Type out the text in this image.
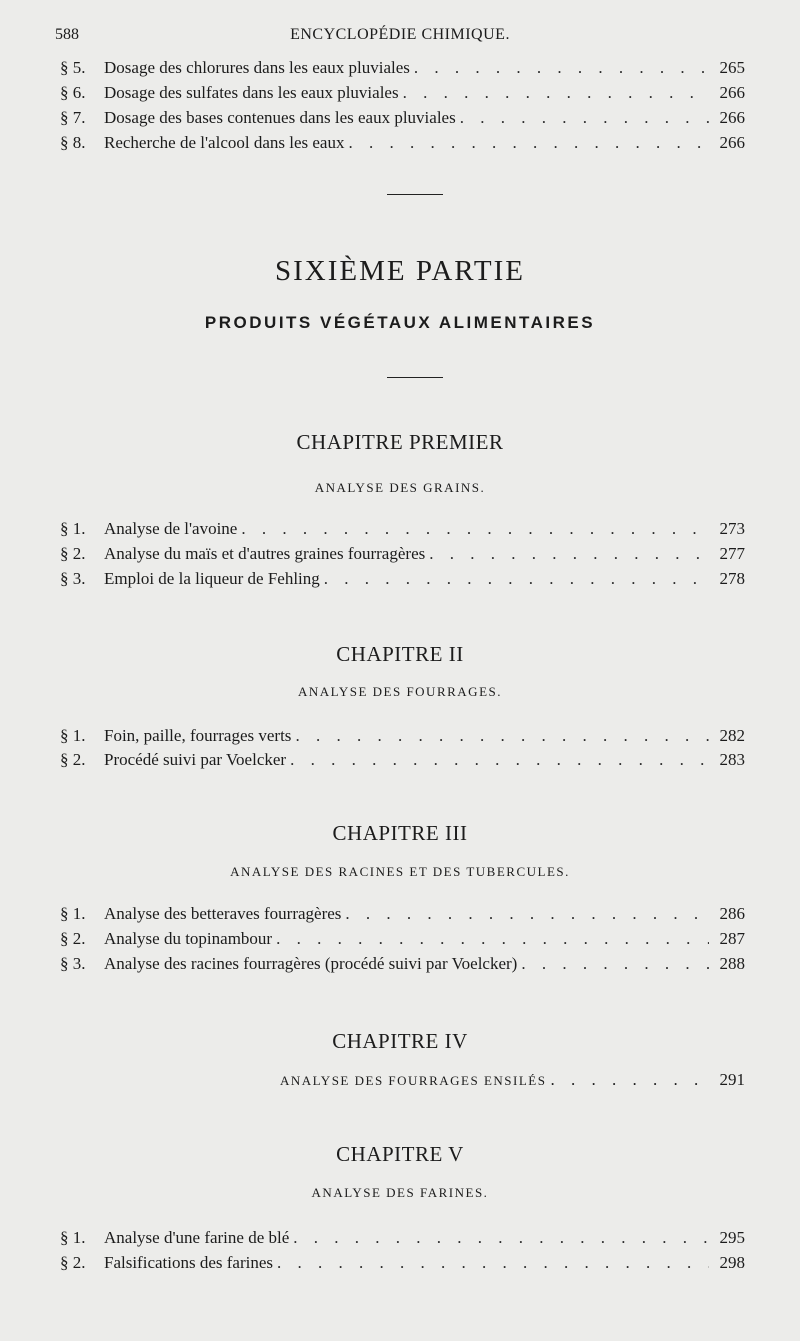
588	ENCYCLOPÉDIE CHIMIQUE.
§ 5.	Dosage des chlorures dans les eaux pluviales . . .	265
§ 6.	Dosage des sulfates dans les eaux pluviales . . .	266
§ 7.	Dosage des bases contenues dans les eaux pluviales . . .	266
§ 8.	Recherche de l'alcool dans les eaux . . .	266
SIXIÈME PARTIE
PRODUITS VÉGÉTAUX ALIMENTAIRES
CHAPITRE PREMIER
ANALYSE DES GRAINS.
§ 1.	Analyse de l'avoine . . .	273
§ 2.	Analyse du maïs et d'autres graines fourragères . . .	277
§ 3.	Emploi de la liqueur de Fehling . . .	278
CHAPITRE II
ANALYSE DES FOURRAGES.
§ 1.	Foin, paille, fourrages verts . . .	282
§ 2.	Procédé suivi par Voelcker . . .	283
CHAPITRE III
ANALYSE DES RACINES ET DES TUBERCULES.
§ 1.	Analyse des betteraves fourragères . . .	286
§ 2.	Analyse du topinambour . . .	287
§ 3.	Analyse des racines fourragères (procédé suivi par Voelcker) . . .	288
CHAPITRE IV
ANALYSE DES FOURRAGES ENSILÉS . . .	291
CHAPITRE V
ANALYSE DES FARINES.
§ 1.	Analyse d'une farine de blé . . .	295
§ 2.	Falsifications des farines . . .	298
